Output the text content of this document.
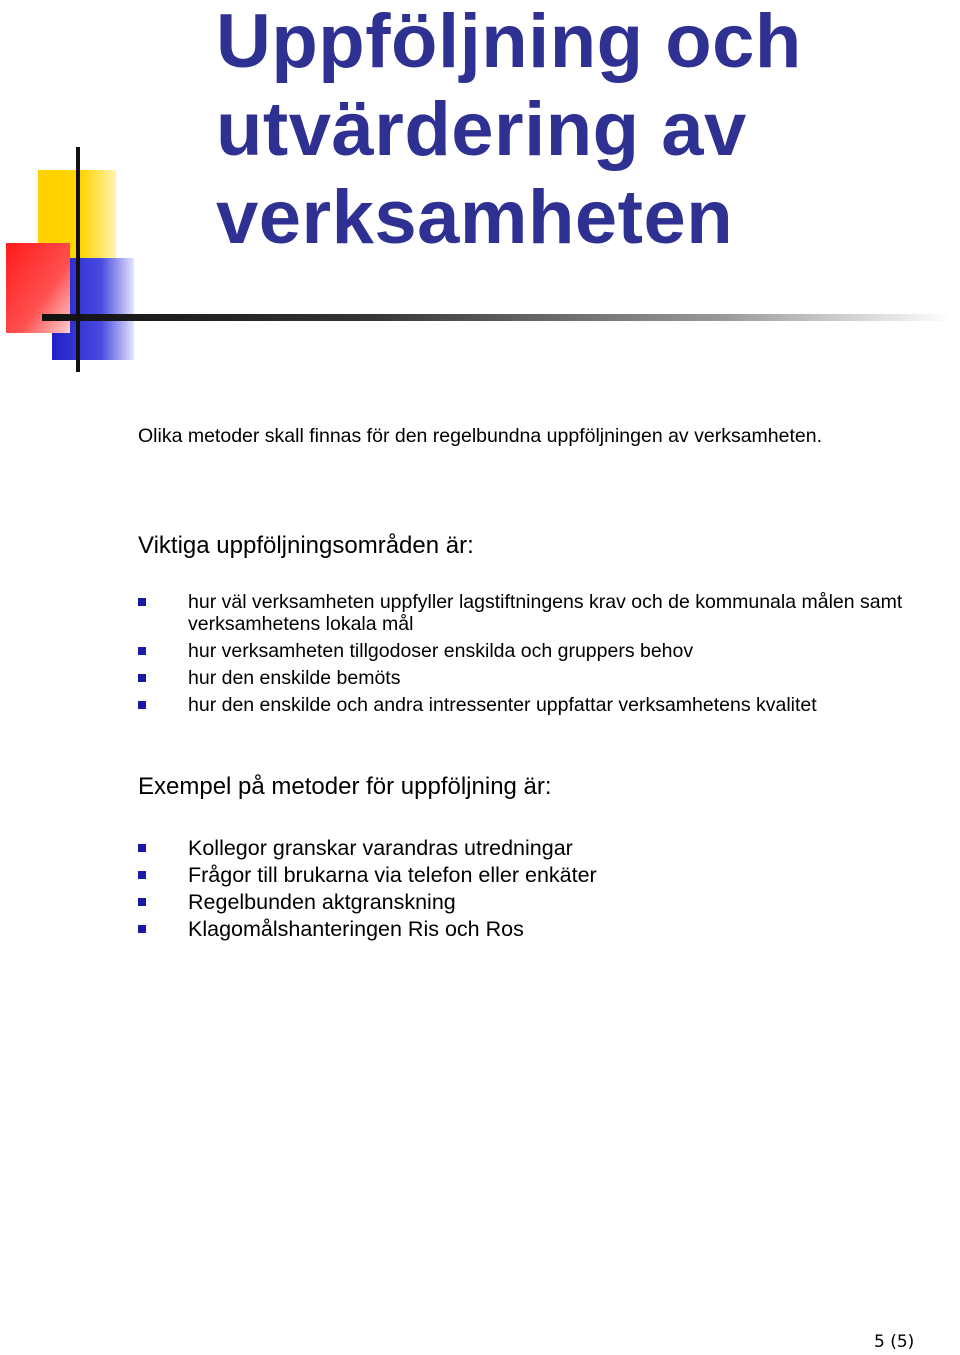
Uppföljning och
utvärdering av
verksamheten
Olika metoder skall finnas för den regelbundna uppföljningen av verksamheten.
Viktiga uppföljningsområden är:
hur väl verksamheten uppfyller lagstiftningens krav och de kommunala målen samt verksamhetens lokala mål
hur verksamheten tillgodoser enskilda och gruppers behov
hur den enskilde bemöts
hur den enskilde och andra intressenter uppfattar verksamhetens kvalitet
Exempel på metoder för uppföljning är:
Kollegor granskar varandras utredningar
Frågor till brukarna via telefon eller enkäter
Regelbunden aktgranskning
Klagomålshanteringen Ris och Ros
5 (5)
